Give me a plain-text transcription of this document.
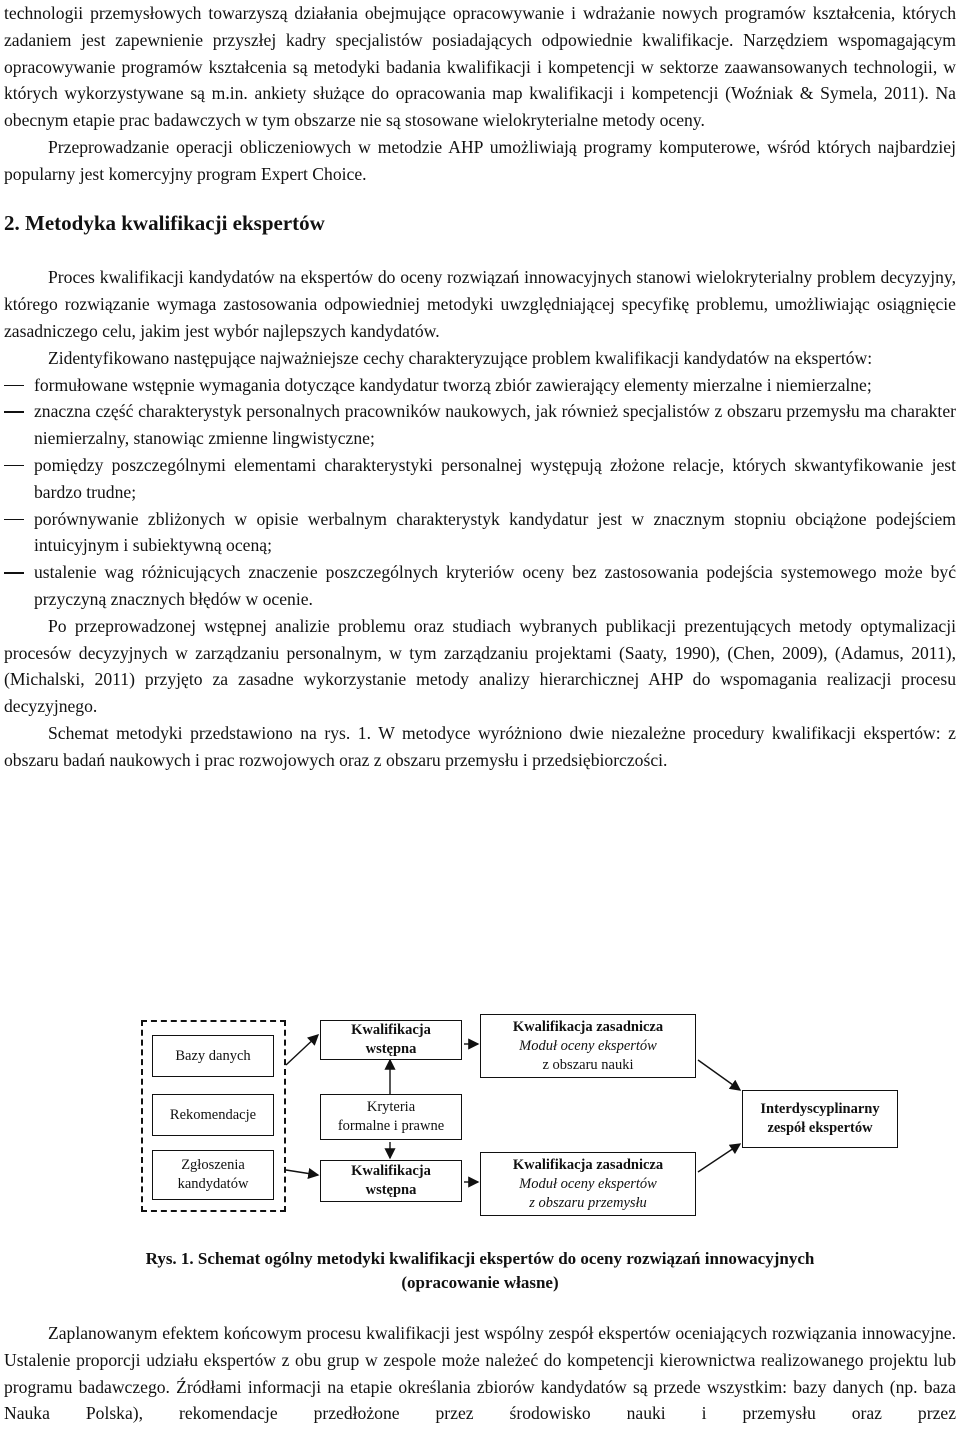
technologii przemysłowych towarzyszą działania obejmujące opracowywanie i wdrażanie nowych programów kształcenia, których zadaniem jest zapewnienie przyszłej kadry specjalistów posiadających odpowiednie kwalifikacje. Narzędziem wspomagającym opracowywanie programów kształcenia są metodyki badania kwalifikacji i kompetencji w sektorze zaawansowanych technologii, w których wykorzystywane są m.in. ankiety służące do opracowania map kwalifikacji i kompetencji (Woźniak & Symela, 2011). Na obecnym etapie prac badawczych w tym obszarze nie są stosowane wielokryterialne metody oceny.

Przeprowadzanie operacji obliczeniowych w metodzie AHP umożliwiają programy komputerowe, wśród których najbardziej popularny jest komercyjny program Expert Choice.

2. Metodyka kwalifikacji ekspertów

Proces kwalifikacji kandydatów na ekspertów do oceny rozwiązań innowacyjnych stanowi wielokryterialny problem decyzyjny, którego rozwiązanie wymaga zastosowania odpowiedniej metodyki uwzględniającej specyfikę problemu, umożliwiając osiągnięcie zasadniczego celu, jakim jest wybór najlepszych kandydatów.

Zidentyfikowano następujące najważniejsze cechy charakteryzujące problem kwalifikacji kandydatów na ekspertów:

formułowane wstępnie wymagania dotyczące kandydatur tworzą zbiór zawierający elementy mierzalne i niemierzalne;
znaczna część charakterystyk personalnych pracowników naukowych, jak również specjalistów z obszaru przemysłu ma charakter niemierzalny, stanowiąc zmienne lingwistyczne;
pomiędzy poszczególnymi elementami charakterystyki personalnej występują złożone relacje, których skwantyfikowanie jest bardzo trudne;
porównywanie zbliżonych w opisie werbalnym charakterystyk kandydatur jest w znacznym stopniu obciążone podejściem intuicyjnym i subiektywną oceną;
ustalenie wag różnicujących znaczenie poszczególnych kryteriów oceny bez zastosowania podejścia systemowego może być przyczyną znacznych błędów w ocenie.

Po przeprowadzonej wstępnej analizie problemu oraz studiach wybranych publikacji prezentujących metody optymalizacji procesów decyzyjnych w zarządzaniu personalnym, w tym zarządzaniu projektami (Saaty, 1990), (Chen, 2009), (Adamus, 2011), (Michalski, 2011) przyjęto za zasadne wykorzystanie metody analizy hierarchicznej AHP do wspomagania realizacji procesu decyzyjnego.

Schemat metodyki przedstawiono na rys. 1. W metodyce wyróżniono dwie niezależne procedury kwalifikacji ekspertów: z obszaru badań naukowych i prac rozwojowych oraz z obszaru przemysłu i przedsiębiorczości.

Bazy danych
Rekomendacje
Zgłoszenia
kandydatów
Kwalifikacja
wstępna
Kryteria
formalne i prawne
Kwalifikacja
wstępna
Kwalifikacja zasadnicza
Moduł oceny ekspertów
z obszaru nauki
Kwalifikacja zasadnicza
Moduł oceny ekspertów
z obszaru przemysłu
Interdyscyplinarny
zespół ekspertów
Rys. 1. Schemat ogólny metodyki kwalifikacji ekspertów do oceny rozwiązań innowacyjnych
(opracowanie własne)

Zaplanowanym efektem końcowym procesu kwalifikacji jest wspólny zespół ekspertów oceniających rozwiązania innowacyjne. Ustalenie proporcji udziału ekspertów z obu grup w zespole może należeć do kompetencji kierownictwa realizowanego projektu lub programu badawczego. Źródłami informacji na etapie określania zbiorów kandydatów są przede wszystkim: bazy danych (np. baza Nauka Polska), rekomendacje przedłożone przez środowisko nauki i przemysłu oraz przez
